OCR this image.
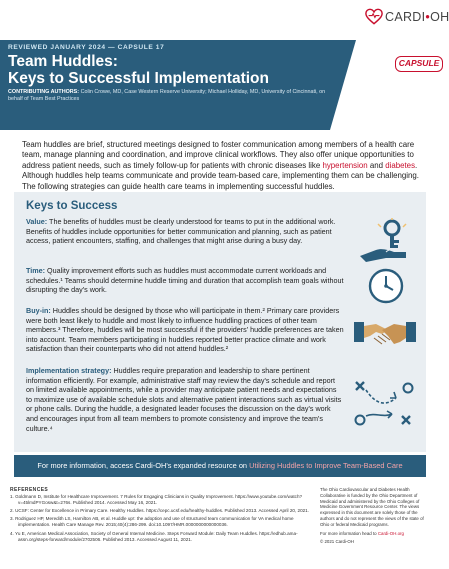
REVIEWED JANUARY 2024 — CAPSULE 17
Team Huddles:
Keys to Successful Implementation
CONTRIBUTING AUTHORS: Colin Crowe, MD, Case Western Reserve University; Michael Holliday, MD, University of Cincinnati, on behalf of Team Best Practices
CARDI•OH
CAPSULE
Team huddles are brief, structured meetings designed to foster communication among members of a health care team, manage planning and coordination, and improve clinical workflows. They also offer unique opportunities to address patient needs, such as timely follow-up for patients with chronic diseases like hypertension and diabetes. Although huddles help teams communicate and provide team-based care, implementing them can be challenging. The following strategies can guide health care teams in implementing successful huddles.
Keys to Success
Value: The benefits of huddles must be clearly understood for teams to put in the additional work. Benefits of huddles include opportunities for better communication and planning, such as patient access, patient encounters, staffing, and challenges that might arise during a busy day.
Time: Quality improvement efforts such as huddles must accommodate current workloads and schedules.¹ Teams should determine huddle timing and duration that accomplish team goals without disrupting the day's work.
Buy-in: Huddles should be designed by those who will participate in them.² Primary care providers were both least likely to huddle and most likely to influence huddling practices of other team members.³ Therefore, huddles will be most successful if the providers' huddle preferences are taken into account. Team members participating in huddles reported better practice climate and work satisfaction than their counterparts who did not attend huddles.²
Implementation strategy: Huddles require preparation and leadership to share pertinent information efficiently. For example, administrative staff may review the day's schedule and report on limited available appointments, while a provider may anticipate patient needs and expectations to maximize use of available schedule slots and alternative patient interactions such as virtual visits or phone calls. During the huddle, a designated leader focuses the discussion on the day's work and encourages input from all team members to promote consistency and improve the team's culture.⁴
For more information, access Cardi-OH's expanded resource on Utilizing Huddles to Improve Team-Based Care
REFERENCES
1. Goldmann D, Institute for Healthcare Improvement. 7 Rules for Engaging Clinicians in Quality Improvement. https://www.youtube.com/watch?v=45lmdPYGosw&t=276s. Published 2014. Accessed May 16, 2021.
2. UCSF: Center for Excellence in Primary Care. Healthy Huddles. https://cepc.ucsf.edu/healthy-huddles. Published 2013. Accessed April 20, 2021.
3. Rodriguez HP, Meredith LS, Hamilton AB, et al. Huddle up!: the adoption and use of structured team communication for VA medical home implementation. Health Care Manage Rev. 2015;40(4):286-299. doi:10.1097/HMR.0000000000000036.
4. Yu E, American Medical Association, Society of General Internal Medicine. Steps Forward Module: Daily Team Huddles. https://edhub.ama-assn.org/steps-forward/module/2702506. Published 2013. Accessed August 11, 2021.
The Ohio Cardiovascular and Diabetes Health Collaborative is funded by the Ohio Department of Medicaid and administered by the Ohio Colleges of Medicine Government Resource Center. The views expressed in this document are solely those of the authors and do not represent the views of the state of Ohio or federal Medicaid programs.
For more information head to Cardi-OH.org
© 2021 Cardi-OH
